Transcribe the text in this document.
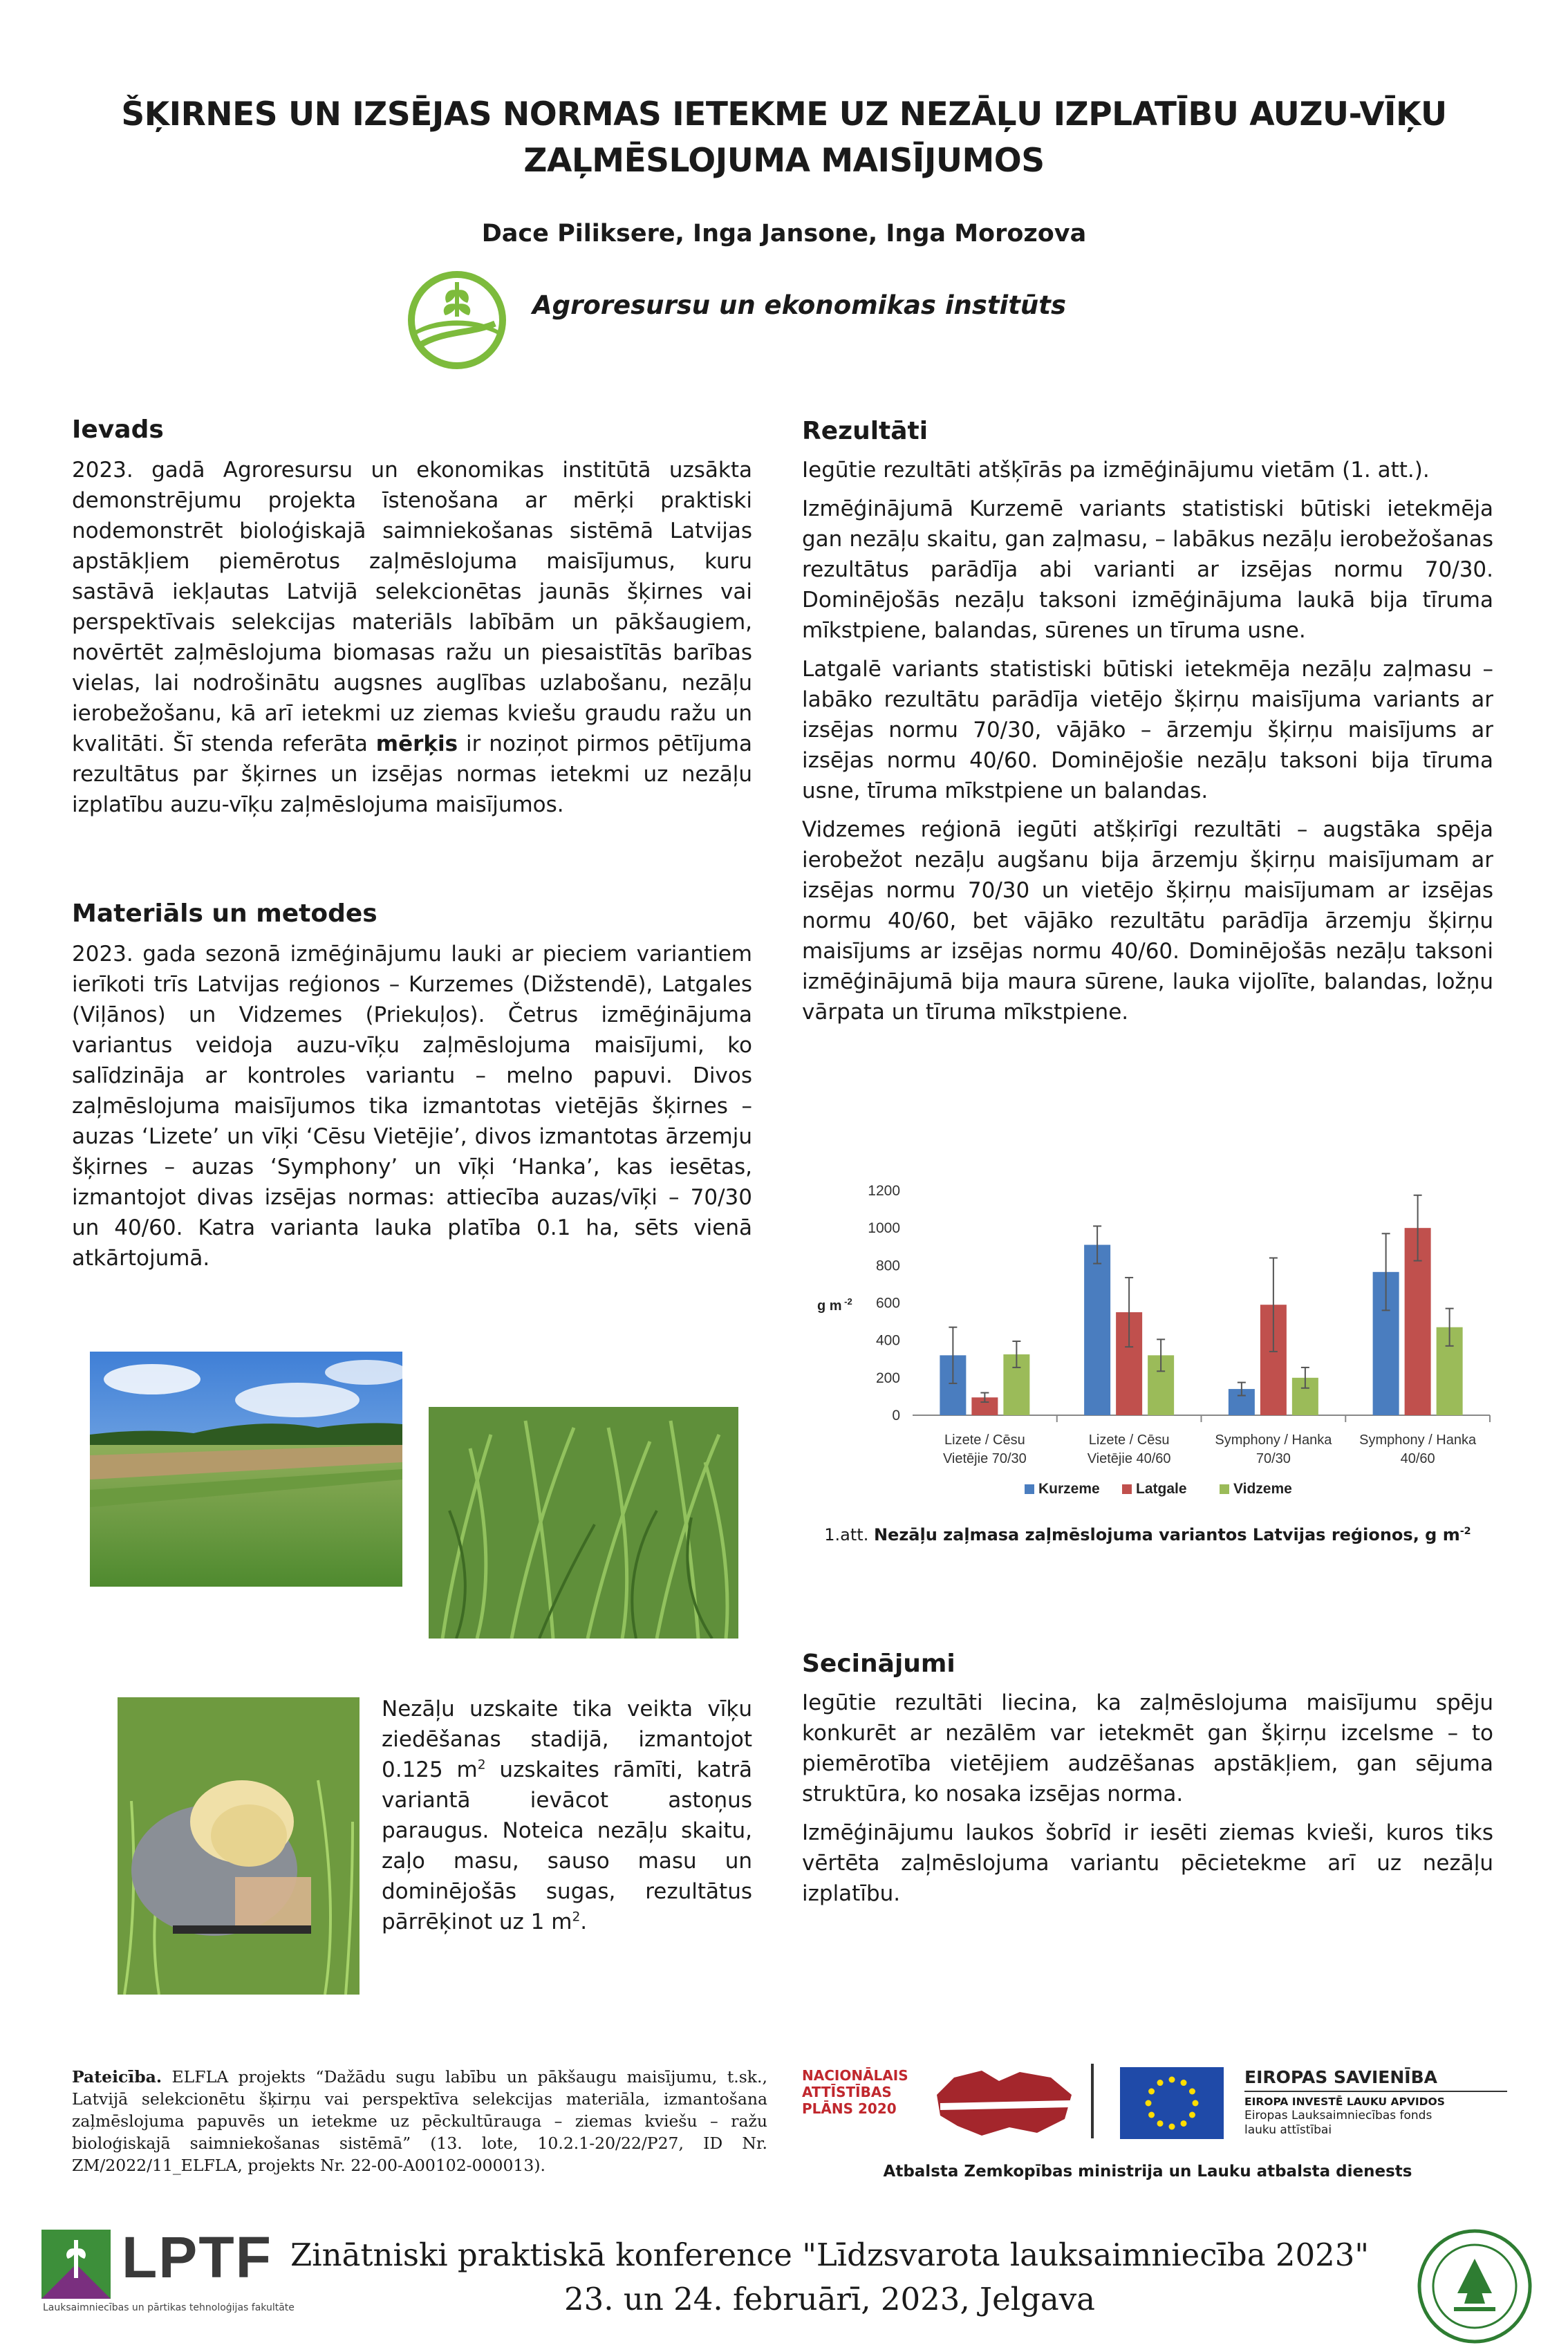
ŠĶIRNES UN IZSĒJAS NORMAS IETEKME UZ NEZĀĻU IZPLATĪBU AUZU-VĪĶU
ZAĻMĒSLOJUMA MAISĪJUMOS
Dace Piliksere, Inga Jansone, Inga Morozova
Agroresursu un ekonomikas institūts
Ievads

2023. gadā Agroresursu un ekonomikas institūtā uzsākta demonstrējumu projekta īstenošana ar mērķi praktiski nodemonstrēt bioloģiskajā saimniekošanas sistēmā Latvijas apstākļiem piemērotus zaļmēslojuma maisījumus, kuru sastāvā iekļautas Latvijā selekcionētas jaunās šķirnes vai perspektīvais selekcijas materiāls labībām un pākšaugiem, novērtēt zaļmēslojuma biomasas ražu un piesaistītās barības vielas, lai nodrošinātu augsnes auglības uzlabošanu, nezāļu ierobežošanu, kā arī ietekmi uz ziemas kviešu graudu ražu un kvalitāti. Šī stenda referāta mērķis ir noziņot pirmos pētījuma rezultātus par šķirnes un izsējas normas ietekmi uz nezāļu izplatību auzu-vīķu zaļmēslojuma maisījumos.

Materiāls un metodes

2023. gada sezonā izmēģinājumu lauki ar pieciem variantiem ierīkoti trīs Latvijas reģionos – Kurzemes (Dižstendē), Latgales (Viļānos) un Vidzemes (Priekuļos). Četrus izmēģinājuma variantus veidoja auzu-vīķu zaļmēslojuma maisījumi, ko salīdzināja ar kontroles variantu – melno papuvi. Divos zaļmēslojuma maisījumos tika izmantotas vietējās šķirnes – auzas ‘Lizete’ un vīķi ‘Cēsu Vietējie’, divos izmantotas ārzemju šķirnes – auzas ‘Symphony’ un vīķi ‘Hanka’, kas iesētas, izmantojot divas izsējas normas: attiecība auzas/vīķi – 70/30 un 40/60. Katra varianta lauka platība 0.1 ha, sēts vienā atkārtojumā.

Nezāļu uzskaite tika veikta vīķu ziedēšanas stadijā, izmantojot 0.125 $m^2$ uzskaites rāmīti, katrā variantā ievācot astoņus paraugus. Noteica nezāļu skaitu, zaļo masu, sauso masu un dominējošās sugas, rezultātus pārrēķinot uz 1 $m^2$.

Rezultāti

Iegūtie rezultāti atšķīrās pa izmēģinājumu vietām (1. att.).

Izmēģinājumā Kurzemē variants statistiski būtiski ietekmēja gan nezāļu skaitu, gan zaļmasu, – labākus nezāļu ierobežošanas rezultātus parādīja abi varianti ar izsējas normu 70/30. Dominējošās nezāļu taksoni izmēģinājuma laukā bija tīruma mīkstpiene, balandas, sūrenes un tīruma usne.

Latgalē variants statistiski būtiski ietekmēja nezāļu zaļmasu – labāko rezultātu parādīja vietējo šķirņu maisījuma variants ar izsējas normu 70/30, vājāko – ārzemju šķirņu maisījums ar izsējas normu 40/60. Dominējošie nezāļu taksoni bija tīruma usne, tīruma mīkstpiene un balandas.

Vidzemes reģionā iegūti atšķirīgi rezultāti – augstāka spēja ierobežot nezāļu augšanu bija ārzemju šķirņu maisījumam ar izsējas normu 70/30 un vietējo šķirņu maisījumam ar izsējas normu 40/60, bet vājāko rezultātu parādīja ārzemju šķirņu maisījums ar izsējas normu 40/60. Dominējošās nezāļu taksoni izmēģinājumā bija maura sūrene, lauka vijolīte, balandas, ložņu vārpata un tīruma mīkstpiene.

0
200
400
600
800
1000
1200
g m $^{-2}$
Lizete / Cēsu
Vietējie 70/30
Lizete / Cēsu
Vietējie 40/60
Symphony / Hanka
70/30
Symphony / Hanka
40/60
Kurzeme Latgale	Vidzeme
1.att. Nezāļu zaļmasa zaļmēslojuma variantos Latvijas reģionos, g $m^{-2}$
Secinājumi

Iegūtie rezultāti liecina, ka zaļmēslojuma maisījumu spēju konkurēt ar nezālēm var ietekmēt gan šķirņu izcelsme – to piemērotība vietējiem audzēšanas apstākļiem, gan sējuma struktūra, ko nosaka izsējas norma.

Izmēģinājumu laukos šobrīd ir iesēti ziemas kvieši, kuros tiks vērtēta zaļmēslojuma variantu pēcietekme arī uz nezāļu izplatību.

Pateicība. ELFLA projekts “Dažādu sugu labību un pākšaugu maisījumu, t.sk., Latvijā selekcionētu šķirņu vai perspektīva selekcijas materiāla, izmantošana zaļmēslojuma papuvēs un ietekme uz pēckultūrauga – ziemas kviešu – ražu bioloģiskajā saimniekošanas sistēmā” (13. lote, 10.2.1-20/22/P27, ID Nr. ZM/2022/11_ELFLA, projekts Nr. 22-00-A00102-000013).
NACIONĀLAIS
ATTĪSTĪBAS
PLĀNS 2020
EIROPAS SAVIENĪBA
EIROPA INVESTĒ LAUKU APVIDOS
Eiropas Lauksaimniecības fonds
lauku attīstībai
Atbalsta Zemkopības ministrija un Lauku atbalsta dienests
LPTF
Lauksaimniecības un pārtikas tehnoloģijas fakultāte
Zinātniski praktiskā konference "Līdzsvarota lauksaimniecība 2023"
23. un 24. februārī, 2023, Jelgava
